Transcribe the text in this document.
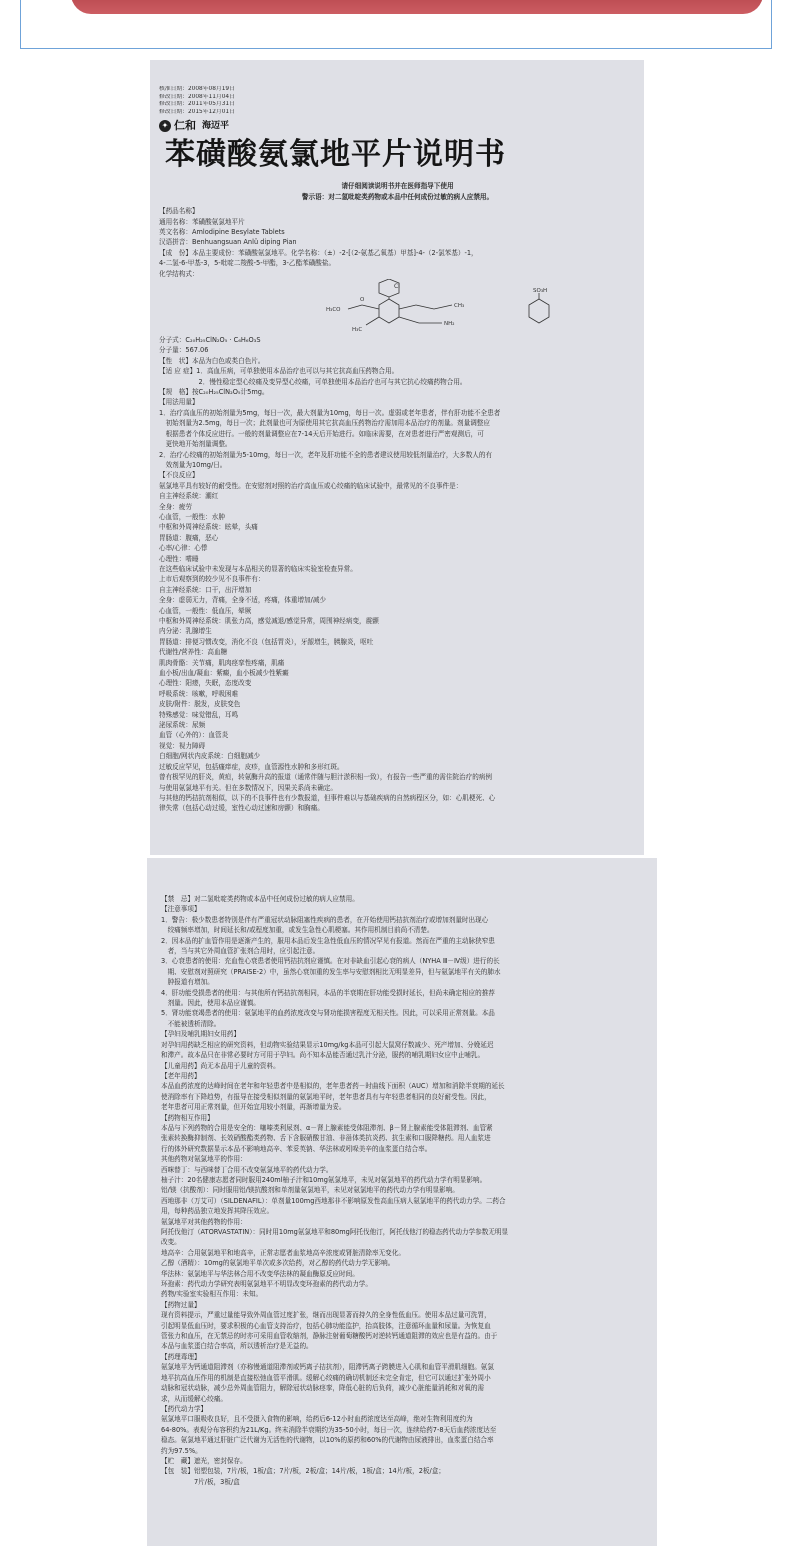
核准日期：2008年08月19日
修改日期：2008年11月04日
修改日期：2011年05月31日
修改日期：2015年12月01日
✦ 仁和 海迈平
苯磺酸氨氯地平片说明书
请仔细阅读说明书并在医师指导下使用
警示语：对二氢吡啶类药物或本品中任何成份过敏的病人应禁用。
【药品名称】
通用名称：苯磺酸氨氯地平片
英文名称：Amlodipine Besylate Tablets
汉语拼音：Benhuangsuan Anlü diping Pian
【成　份】本品主要成份：苯磺酸氨氯地平。化学名称：（±）-2-[（2-氨基乙氧基）甲基]-4-（2-氯苯基）-1，
4-二氢-6-甲基-3，5-吡啶二羧酸-5-甲酯，3-乙酯苯磺酸盐。
化学结构式：
Cl
H₃CO
O
CH₃
NH₂
H₃C
SO₃H
分子式：C₂₀H₂₅ClN₂O₅ · C₆H₆O₃S
分子量：567.06
【性　状】本品为白色或类白色片。
【适 应 症】1．高血压病，可单独使用本品治疗也可以与其它抗高血压药物合用。
　　　　　　2．慢性稳定型心绞痛及变异型心绞痛，可单独使用本品治疗也可与其它抗心绞痛药物合用。
【规　格】按C₂₀H₂₅ClN₂O₅计5mg。
【用法用量】
1．治疗高血压的初始剂量为5mg，每日一次，最大剂量为10mg，每日一次。虚弱或老年患者，伴有肝功能不全患者
　初始剂量为2.5mg，每日一次；此剂量也可为原使用其它抗高血压药物治疗需加用本品治疗的剂量。剂量调整应
　根据患者个体反应进行。一般的剂量调整应在7-14天后开始进行。如临床需要，在对患者进行严密观测后，可
　更快地开始剂量调整。
2．治疗心绞痛的初始剂量为5-10mg，每日一次，老年及肝功能不全的患者建议使用较低剂量治疗，大多数人的有
　效剂量为10mg/日。
【不良反应】
氨氯地平具有较好的耐受性。在安慰剂对照的治疗高血压或心绞痛的临床试验中，最常见的不良事件是：
自主神经系统：潮红
全身：疲劳
心血管，一般性：水肿
中枢和外周神经系统：眩晕，头痛
胃肠道：腹痛，恶心
心率/心律：心悸
心理性：嗜睡
在这些临床试验中未发现与本品相关的显著的临床实验室检查异常。
上市后观察到的较少见不良事件有：
自主神经系统：口干，出汗增加
全身：虚弱无力，背痛，全身不适，疼痛，体重增加/减少
心血管，一般性：低血压，晕厥
中枢和外周神经系统：肌张力高，感觉减退/感觉异常，周围神经病变，震颤
内分泌：乳腺增生
胃肠道：排便习惯改变，消化不良（包括胃炎），牙龈增生，胰腺炎，呕吐
代谢性/营养性：高血糖
肌肉骨骼：关节痛，肌肉痉挛性疼痛，肌痛
血小板/出血/凝血：紫癜，血小板减少性紫癜
心理性：阳痿，失眠，态度改变
呼吸系统：咳嗽，呼吸困难
皮肤/附件：脱发，皮肤变色
特殊感觉：味觉错乱，耳鸣
泌尿系统：尿频
血管（心外的）：血管炎
视觉：视力障碍
白细胞/网状内皮系统：白细胞减少
过敏反应罕见，包括瘙痒症，皮疹，血管源性水肿和多形红斑。
曾有极罕见的肝炎，黄疸，转氨酶升高的报道（通常伴随与胆汁淤积相一致），有报告一些严重的需住院治疗的病例
与使用氨氯地平有关。但在多数情况下，因果关系尚未确定。
与其他的钙拮抗剂相似，以下的不良事件也有少数报道，但事件难以与基础疾病的自然病程区分，如：心肌梗死、心
律失常（包括心动过缓，室性心动过速和房颤）和胸痛。
【禁　忌】对二氢吡啶类药物或本品中任何成份过敏的病人应禁用。
【注意事项】
1．警告：极少数患者特别是伴有严重冠状动脉阻塞性疾病的患者，在开始使用钙拮抗剂治疗或增加剂量时出现心
　绞痛频率增加，时间延长和/或程度加重，或发生急性心肌梗塞。其作用机制目前尚不清楚。
2．因本品的扩血管作用是逐渐产生的，服用本品后发生急性低血压的情况罕见有报道。然而在严重的主动脉狭窄患
　者，当与其它外周血管扩张剂合用时，应引起注意。
3．心衰患者的使用：充血性心衰患者使用钙拮抗剂应谨慎。在对非缺血引起心衰的病人（NYHA Ⅲ－Ⅳ级）进行的长
　期、安慰剂对照研究（PRAISE-2）中，虽然心衰加重的发生率与安慰剂相比无明显差异，但与氨氯地平有关的肺水
　肿报道有增加。
4．肝功能受损患者的使用：与其他所有钙拮抗剂相同，本品的半衰期在肝功能受损时延长，但尚未确定相应的推荐
　剂量。因此，使用本品应谨慎。
5．肾功能衰竭患者的使用：氨氯地平的血药浓度改变与肾功能损害程度无相关性。因此，可以采用正常剂量。本品
　不能被透析清除。
【孕妇及哺乳期妇女用药】
对孕妇用药缺乏相应的研究资料，但动物实验结果显示10mg/kg本品可引起大鼠窝仔数减少、死产增加、分娩延迟
和滞产。故本品只在非常必要时方可用于孕妇。尚不知本品能否通过乳汁分泌，服药的哺乳期妇女应中止哺乳。
【儿童用药】尚无本品用于儿童的资料。
【老年用药】
本品血药浓度的达峰时间在老年和年轻患者中是相似的，老年患者药－时曲线下面积（AUC）增加和消除半衰期的延长
使消除率有下降趋势，有报导在接受相似剂量的氨氯地平时，老年患者具有与年轻患者相同的良好耐受性。因此，
老年患者可用正常剂量，但开始宜用较小剂量，再渐增量为妥。
【药物相互作用】
本品与下列药物的合用是安全的：噻嗪类利尿剂、α－肾上腺素能受体阻滞剂、β－肾上腺素能受体阻滞剂、血管紧
张素转换酶抑制剂、长效硝酸酯类药物、舌下含服硝酸甘油、非甾体类抗炎药、抗生素和口服降糖药。用人血浆进
行的体外研究数据显示本品不影响地高辛、苯妥英钠、华法林或吲哚美辛的血浆蛋白结合率。
其他药物对氨氯地平的作用：
西咪替丁：与西咪替丁合用不改变氨氯地平的药代动力学。
柚子汁：20名健康志愿者同时服用240ml柚子汁和10mg氨氯地平，未见对氨氯地平的药代动力学有明显影响。
铝/镁（抗酸剂）：同时服用铝/镁抗酸剂和单剂量氨氯地平，未见对氨氯地平的药代动力学有明显影响。
西地那非（万艾可）（SILDENAFIL）：单剂量100mg西地那非不影响原发性高血压病人氨氯地平的药代动力学。二药合
用，每种药品独立地发挥其降压效应。
氨氯地平对其他药物的作用：
阿托伐他汀（ATORVASTATIN）：同时用10mg氨氯地平和80mg阿托伐他汀，阿托伐他汀的稳态药代动力学参数无明显
改变。
地高辛：合用氨氯地平和地高辛，正常志愿者血浆地高辛浓度或肾脏清除率无变化。
乙醇（酒精）：10mg的氨氯地平单次或多次给药，对乙醇的药代动力学无影响。
华法林：氨氯地平与华法林合用不改变华法林的凝血酶原反应时间。
环孢素：药代动力学研究表明氨氯地平不明显改变环孢素的药代动力学。
药物/实验室实验相互作用：未知。
【药物过量】
现有资料提示，严重过量能导致外周血管过度扩张，继而出现显著而持久的全身性低血压。使用本品过量可洗胃，
引起明显低血压时，要求积极的心血管支持治疗，包括心肺功能监护，抬高肢体，注意循环血量和尿量。为恢复血
管张力和血压，在无禁忌的时亦可采用血管收缩剂，静脉注射葡萄糖酸钙对逆转钙通道阻滞的效应也是有益的。由于
本品与血浆蛋白结合率高，所以透析治疗是无益的。
【药理毒理】
氨氯地平为钙通道阻滞剂（亦称慢通道阻滞剂或钙离子拮抗剂），阻滞钙离子跨膜进入心肌和血管平滑肌细胞。氨氯
地平抗高血压作用的机制是直接松弛血管平滑肌。缓解心绞痛的确切机制还未完全肯定，但它可以通过扩张外周小
动脉和冠状动脉，减少总外周血管阻力，解除冠状动脉痉挛，降低心脏的后负荷，减少心脏能量消耗和对氧的需
求，从而缓解心绞痛。
【药代动力学】
氨氯地平口服吸收良好，且不受摄入食物的影响，给药后6-12小时血药浓度达至高峰，绝对生物利用度约为
64-80%。表观分布容积约为21L/Kg。终末消除半衰期约为35-50小时，每日一次，连续给药7-8天后血药浓度达至
稳态。氨氯地平通过肝脏广泛代谢为无活性的代谢物，以10%的原药和60%的代谢物由尿液排出，血浆蛋白结合率
约为97.5%。
【贮　藏】遮光，密封保存。
【包　装】铝塑包装，7片/板，1板/盒；7片/板，2板/盒；14片/板，1板/盒；14片/板，2板/盒；
　　　　　7片/板，3板/盒
